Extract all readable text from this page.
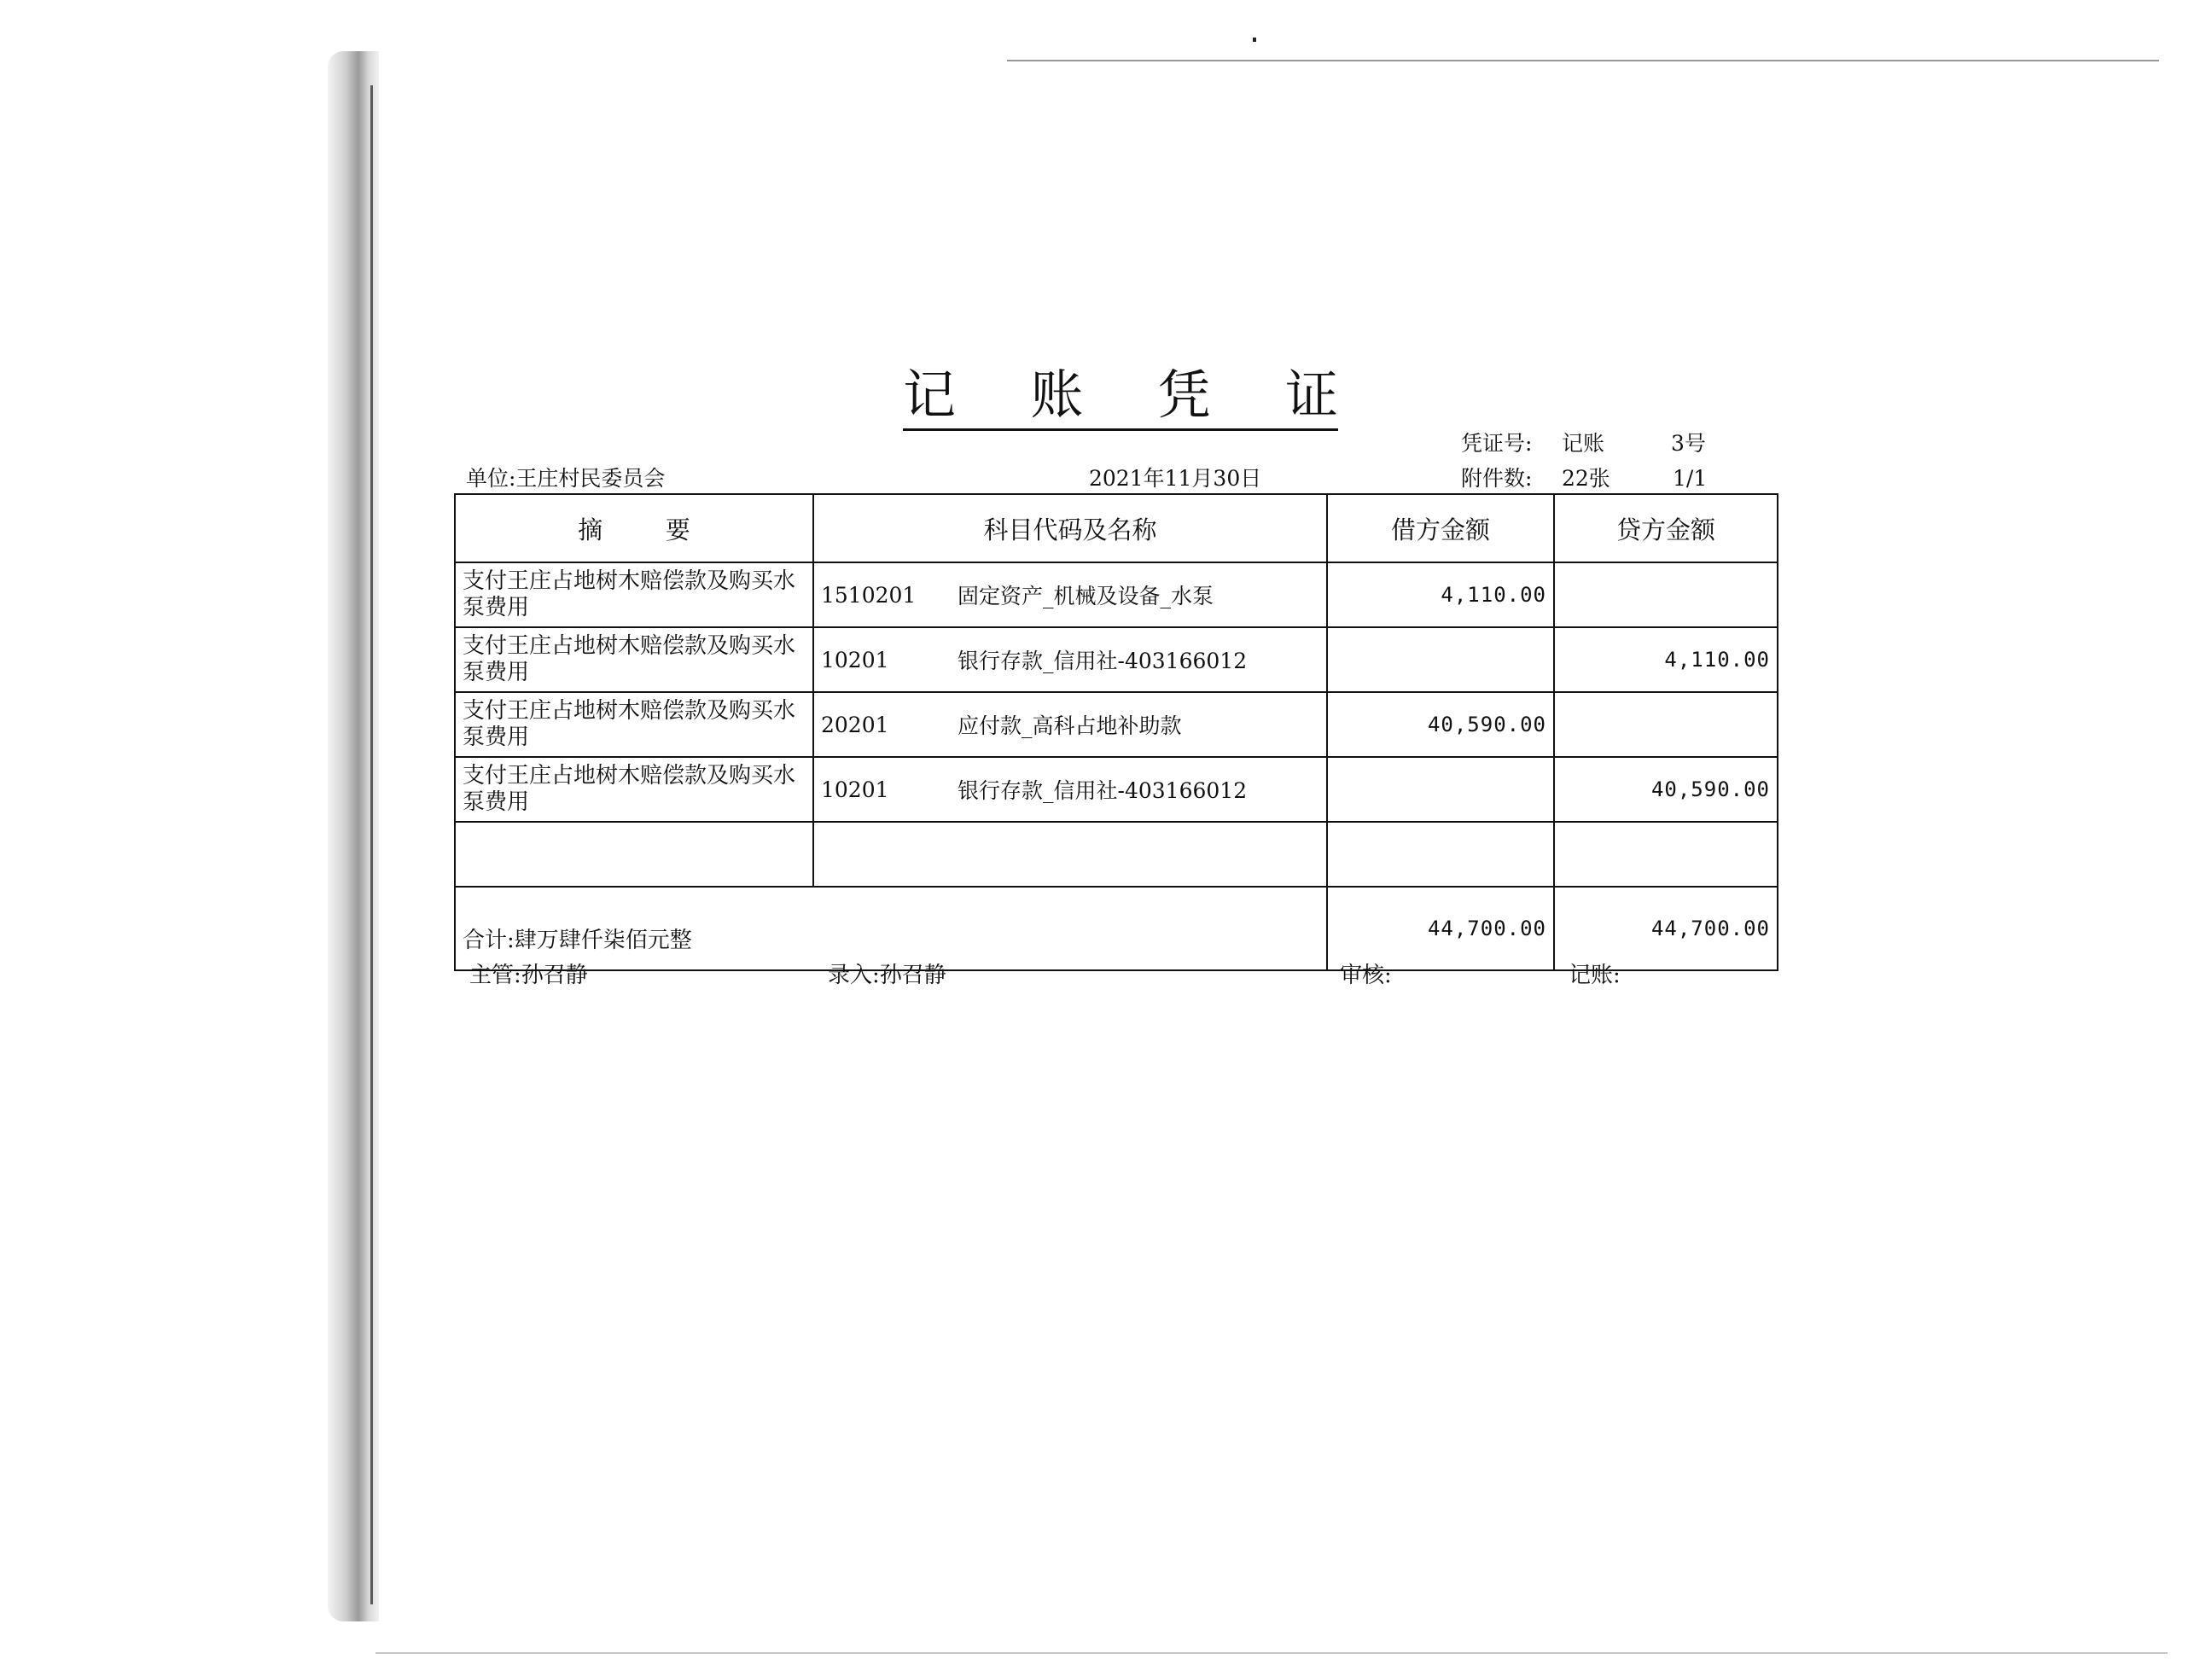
记 账 凭 证
凭证号: 记账	3号
附件数: 22张	1/1
单位:王庄村民委员会	2021年11月30日
摘        要	科目代码及名称	借方金额	贷方金额
支付王庄占地树木赔偿款及购买水泵费用	1510201 固定资产_机械及设备_水泵	4,110.00	
支付王庄占地树木赔偿款及购买水泵费用	10201 银行存款_信用社-403166012		4,110.00
支付王庄占地树木赔偿款及购买水泵费用	20201 应付款_高科占地补助款	40,590.00	
支付王庄占地树木赔偿款及购买水泵费用	10201 银行存款_信用社-403166012		40,590.00

合计:肆万肆仟柒佰元整		44,700.00	44,700.00
主管:孙召静	录入:孙召静	审核:	记账:
